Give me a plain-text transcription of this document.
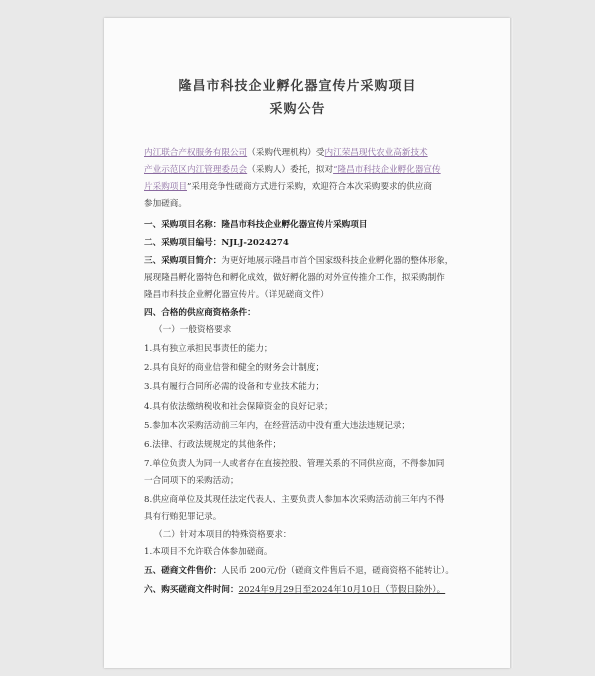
隆昌市科技企业孵化器宣传片采购项目
采购公告
内江联合产权服务有限公司（采购代理机构）受内江荣昌现代农业高新技术
产业示范区内江管理委员会（采购人）委托，拟对“隆昌市科技企业孵化器宣传
片采购项目”采用竞争性磋商方式进行采购，欢迎符合本次采购要求的供应商
参加磋商。
一、采购项目名称：隆昌市科技企业孵化器宣传片采购项目
二、采购项目编号：NJLJ-2024274
三、采购项目简介：为更好地展示隆昌市首个国家级科技企业孵化器的整体形象，
展现隆昌孵化器特色和孵化成效，做好孵化器的对外宣传推介工作，拟采购制作
隆昌市科技企业孵化器宣传片。（详见磋商文件）
四、合格的供应商资格条件：
（一）一般资格要求
1.具有独立承担民事责任的能力；
2.具有良好的商业信誉和健全的财务会计制度；
3.具有履行合同所必需的设备和专业技术能力；
4.具有依法缴纳税收和社会保障资金的良好记录；
5.参加本次采购活动前三年内，在经营活动中没有重大违法违规记录；
6.法律、行政法规规定的其他条件；
7.单位负责人为同一人或者存在直接控股、管理关系的不同供应商，不得参加同
一合同项下的采购活动；
8.供应商单位及其现任法定代表人、主要负责人参加本次采购活动前三年内不得
具有行贿犯罪记录。
（二）针对本项目的特殊资格要求：
1.本项目不允许联合体参加磋商。
五、磋商文件售价：人民币 200元/份（磋商文件售后不退，磋商资格不能转让）。
六、购买磋商文件时间：2024年9月29日至2024年10月10日（节假日除外）。
